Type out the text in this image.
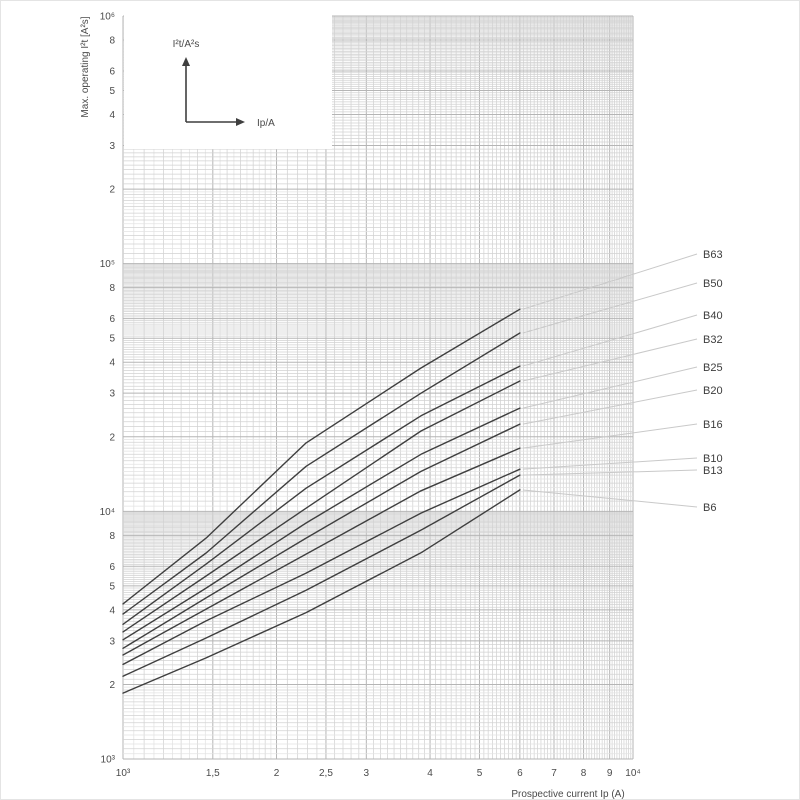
I²t/A²s
Ip/A
10³	1,5	2	2,5	3	4	5	6	7 8 9 10⁴
10⁶
10⁵
10⁴
10³
8
6
5
4
3
2
8
6
5
4
3
2
8
6
5
4
3
2
B63
B50
B40
B32
B25
B20
B16
B10
B13
B6
Max. operating I²t [A²s]
Prospective current Ip (A)
